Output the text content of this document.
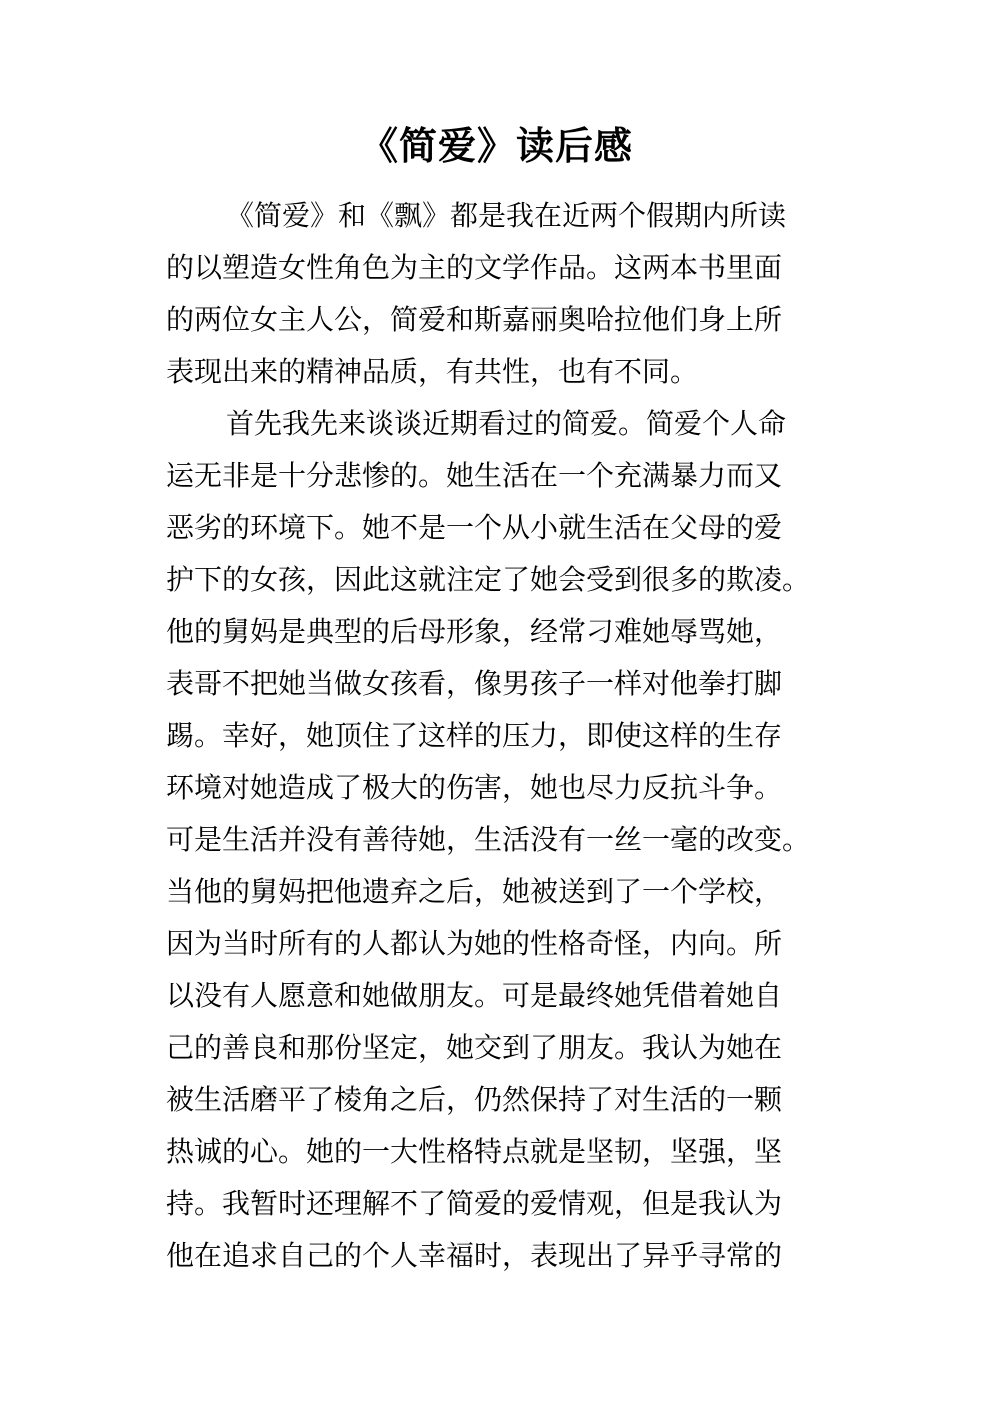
《简爱》读后感
《简爱》和《飘》都是我在近两个假期内所读
的以塑造女性角色为主的文学作品。这两本书里面
的两位女主人公，简爱和斯嘉丽奥哈拉他们身上所
表现出来的精神品质，有共性，也有不同。
首先我先来谈谈近期看过的简爱。简爱个人命
运无非是十分悲惨的。她生活在一个充满暴力而又
恶劣的环境下。她不是一个从小就生活在父母的爱
护下的女孩，因此这就注定了她会受到很多的欺凌。
他的舅妈是典型的后母形象，经常刁难她辱骂她，
表哥不把她当做女孩看，像男孩子一样对他拳打脚
踢。幸好，她顶住了这样的压力，即使这样的生存
环境对她造成了极大的伤害，她也尽力反抗斗争。
可是生活并没有善待她，生活没有一丝一毫的改变。
当他的舅妈把他遗弃之后，她被送到了一个学校，
因为当时所有的人都认为她的性格奇怪，内向。所
以没有人愿意和她做朋友。可是最终她凭借着她自
己的善良和那份坚定，她交到了朋友。我认为她在
被生活磨平了棱角之后，仍然保持了对生活的一颗
热诚的心。她的一大性格特点就是坚韧，坚强，坚
持。我暂时还理解不了简爱的爱情观，但是我认为
他在追求自己的个人幸福时，表现出了异乎寻常的
